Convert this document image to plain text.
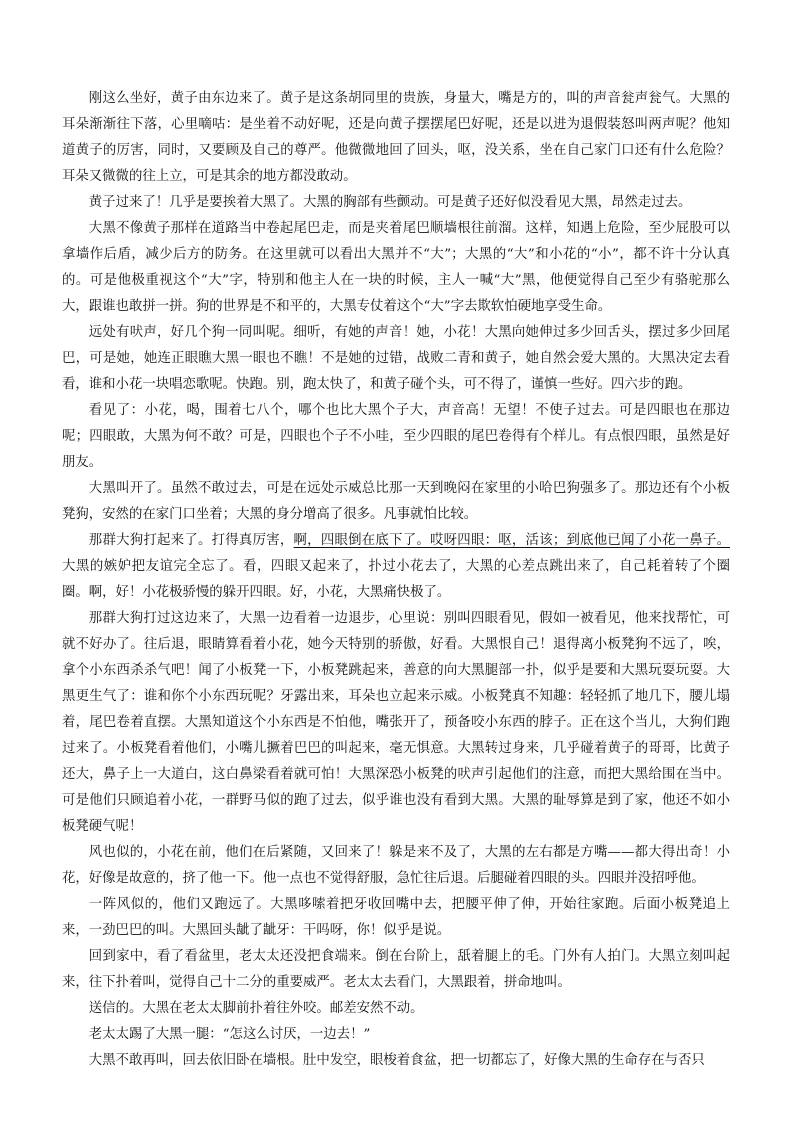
刚这么坐好，黄子由东边来了。黄子是这条胡同里的贵族，身量大，嘴是方的，叫的声音瓮声瓮气。大黑的耳朵渐渐往下落，心里嘀咕：是坐着不动好呢，还是向黄子摆摆尾巴好呢，还是以进为退假装怒叫两声呢？他知道黄子的厉害，同时，又要顾及自己的尊严。他微微地回了回头，呕，没关系，坐在自己家门口还有什么危险？耳朵又微微的往上立，可是其余的地方都没敢动。

黄子过来了！几乎是要挨着大黑了。大黑的胸部有些颤动。可是黄子还好似没看见大黑，昂然走过去。

大黑不像黄子那样在道路当中卷起尾巴走，而是夹着尾巴顺墙根往前溜。这样，知遇上危险，至少屁股可以拿墙作后盾，减少后方的防务。在这里就可以看出大黑并不“大”；大黑的“大”和小花的“小”，都不许十分认真的。可是他极重视这个“大”字，特别和他主人在一块的时候，主人一喊“大”黑，他便觉得自己至少有骆驼那么大，跟谁也敢拼一拼。狗的世界是不和平的，大黑专仗着这个“大”字去欺软怕硬地享受生命。

远处有吠声，好几个狗一同叫呢。细听，有她的声音！她，小花！大黑向她伸过多少回舌头，摆过多少回尾巴，可是她，她连正眼瞧大黑一眼也不瞧！不是她的过错，战败二青和黄子，她自然会爱大黑的。大黑决定去看看，谁和小花一块唱恋歌呢。快跑。别，跑太快了，和黄子碰个头，可不得了，谨慎一些好。四六步的跑。

看见了：小花，喝，围着七八个，哪个也比大黑个子大，声音高！无望！不使子过去。可是四眼也在那边呢；四眼敢，大黑为何不敢？可是，四眼也个子不小哇，至少四眼的尾巴卷得有个样儿。有点恨四眼，虽然是好朋友。

大黑叫开了。虽然不敢过去，可是在远处示威总比那一天到晚闷在家里的小哈巴狗强多了。那边还有个小板凳狗，安然的在家门口坐着；大黑的身分增高了很多。凡事就怕比较。

那群大狗打起来了。打得真厉害，啊，四眼倒在底下了。哎呀四眼：呕，活该；到底他已闻了小花一鼻子。大黑的嫉妒把友谊完全忘了。看，四眼又起来了，扑过小花去了，大黑的心差点跳出来了，自己耗着转了个圈圈。啊，好！小花极骄慢的躲开四眼。好，小花，大黑痛快极了。

那群大狗打过这边来了，大黑一边看着一边退步，心里说：别叫四眼看见，假如一被看见，他来找帮忙，可就不好办了。往后退，眼睛算看着小花，她今天特别的骄傲，好看。大黑恨自己！退得离小板凳狗不远了，唉，拿个小东西杀杀气吧！闻了小板凳一下，小板凳跳起来，善意的向大黑腿部一扑，似乎是要和大黑玩耍玩耍。大黑更生气了：谁和你个小东西玩呢？牙露出来，耳朵也立起来示威。小板凳真不知趣：轻轻抓了地几下，腰儿塌着，尾巴卷着直摆。大黑知道这个小东西是不怕他，嘴张开了，预备咬小东西的脖子。正在这个当儿，大狗们跑过来了。小板凳看着他们，小嘴儿撅着巴巴的叫起来，毫无惧意。大黑转过身来，几乎碰着黄子的哥哥，比黄子还大，鼻子上一大道白，这白鼻梁看着就可怕！大黑深恐小板凳的吠声引起他们的注意，而把大黑给围在当中。可是他们只顾追着小花，一群野马似的跑了过去，似乎谁也没有看到大黑。大黑的耻辱算是到了家，他还不如小板凳硬气呢！

风也似的，小花在前，他们在后紧随，又回来了！躲是来不及了，大黑的左右都是方嘴——都大得出奇！小花，好像是故意的，挤了他一下。他一点也不觉得舒服，急忙往后退。后腿碰着四眼的头。四眼并没招呼他。

一阵风似的，他们又跑远了。大黑哆嗦着把牙收回嘴中去，把腰平伸了伸，开始往家跑。后面小板凳追上来，一劲巴巴的叫。大黑回头龇了龇牙：干吗呀，你！似乎是说。

回到家中，看了看盆里，老太太还没把食端来。倒在台阶上，舐着腿上的毛。门外有人拍门。大黑立刻叫起来，往下扑着叫，觉得自己十二分的重要威严。老太太去看门，大黑跟着，拼命地叫。

送信的。大黑在老太太脚前扑着往外咬。邮差安然不动。

老太太踢了大黑一腿：“怎这么讨厌，一边去！”

大黑不敢再叫，回去依旧卧在墙根。肚中发空，眼梭着食盆，把一切都忘了，好像大黑的生命存在与否只
